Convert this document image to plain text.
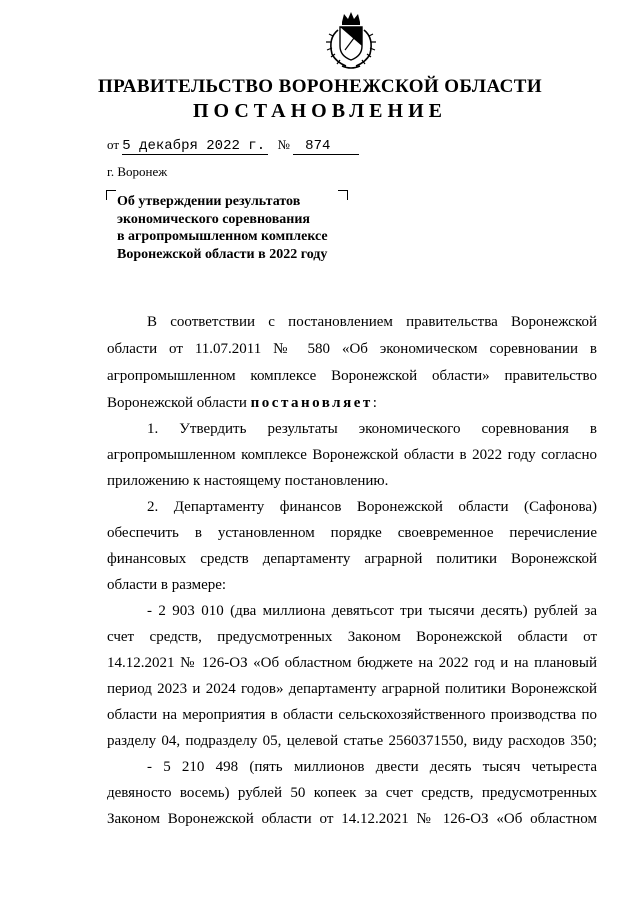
ПРАВИТЕЛЬСТВО ВОРОНЕЖСКОЙ ОБЛАСТИ
ПОСТАНОВЛЕНИЕ
от 5 декабря 2022 г. № 874
г. Воронеж
Об утверждении результатов
экономического соревнования
в агропромышленном комплексе
Воронежской области в 2022 году
В соответствии с постановлением правительства Воронежской
области от 11.07.2011 № 580 «Об экономическом соревновании в
агропромышленном комплексе Воронежской области» правительство
Воронежской области постановляет:
1. Утвердить результаты экономического соревнования в
агропромышленном комплексе Воронежской области в 2022 году согласно
приложению к настоящему постановлению.
2. Департаменту финансов Воронежской области (Сафонова)
обеспечить в установленном порядке своевременное перечисление
финансовых средств департаменту аграрной политики Воронежской
области в размере:
- 2 903 010 (два миллиона девятьсот три тысячи десять) рублей за
счет средств, предусмотренных Законом Воронежской области от
14.12.2021 № 126-ОЗ «Об областном бюджете на 2022 год и на плановый
период 2023 и 2024 годов» департаменту аграрной политики Воронежской
области на мероприятия в области сельскохозяйственного производства по
разделу 04, подразделу 05, целевой статье 2560371550, виду расходов 350;
- 5 210 498 (пять миллионов двести десять тысяч четыреста
девяносто восемь) рублей 50 копеек за счет средств, предусмотренных
Законом Воронежской области от 14.12.2021 № 126-ОЗ «Об областном
